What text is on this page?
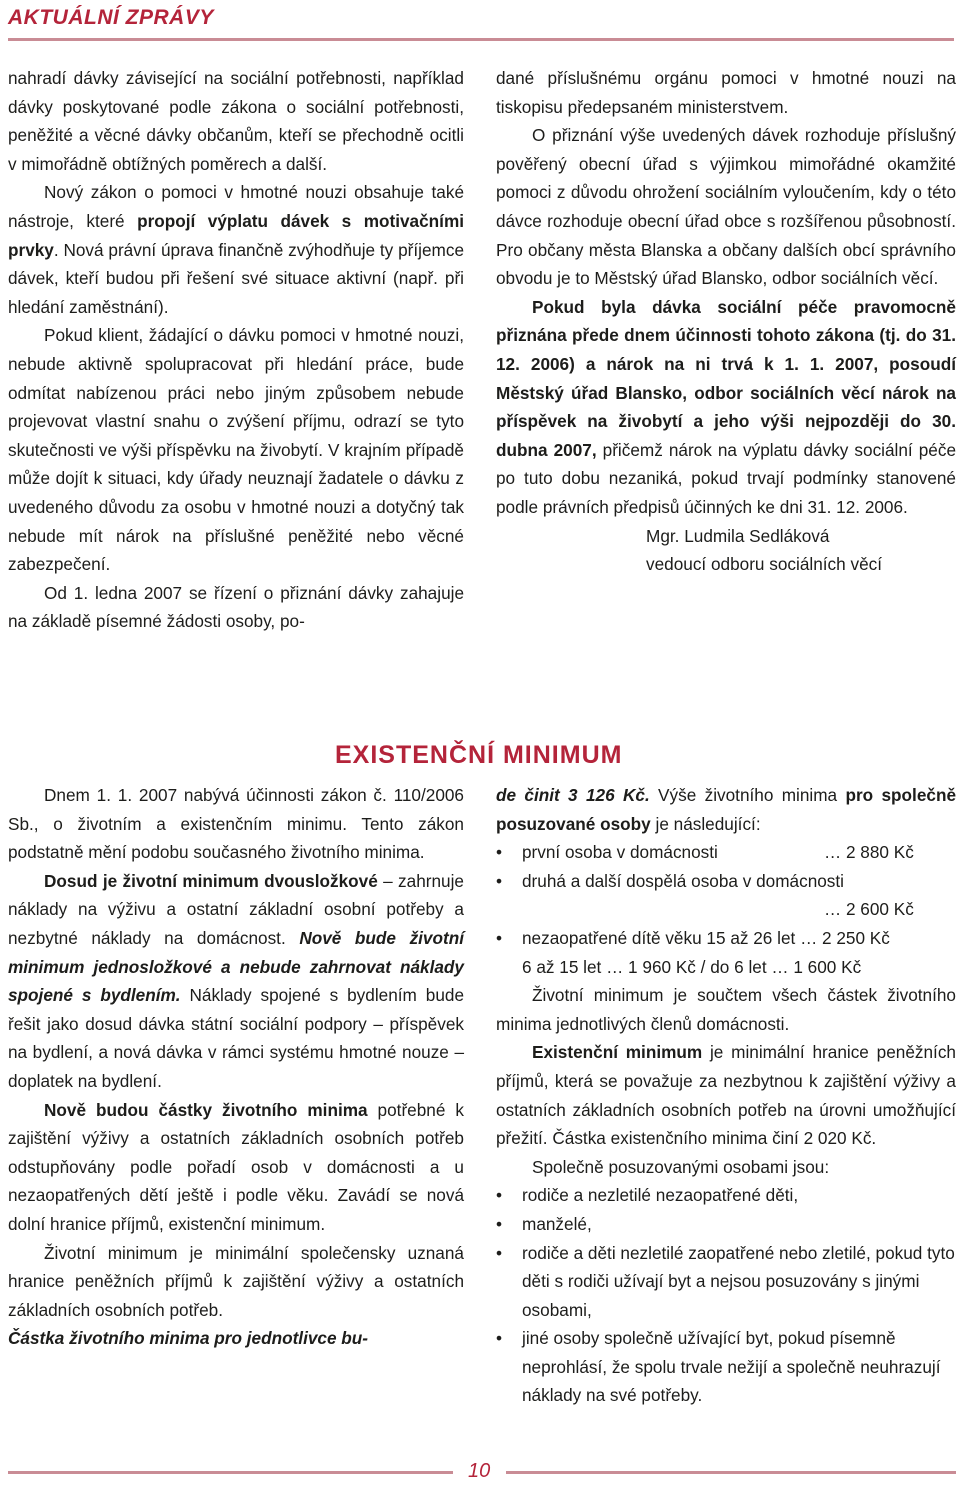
AKTUÁLNÍ ZPRÁVY

nahradí dávky závisející na sociální potřebnosti, například dávky poskytované podle zákona o sociální potřebnosti, peněžité a věcné dávky občanům, kteří se přechodně ocitli v mimořádně obtížných poměrech a další.

Nový zákon o pomoci v hmotné nouzi obsahuje také nástroje, které propojí výplatu dávek s motivačními prvky. Nová právní úprava finančně zvýhodňuje ty příjemce dávek, kteří budou při řešení své situace aktivní (např. při hledání zaměstnání).

Pokud klient, žádající o dávku pomoci v hmotné nouzi, nebude aktivně spolupracovat při hledání práce, bude odmítat nabízenou práci nebo jiným způsobem nebude projevovat vlastní snahu o zvýšení příjmu, odrazí se tyto skutečnosti ve výši příspěvku na živobytí. V krajním případě může dojít k situaci, kdy úřady neuznají žadatele o dávku z uvedeného důvodu za osobu v hmotné nouzi a dotyčný tak nebude mít nárok na příslušné peněžité nebo věcné zabezpečení.

Od 1. ledna 2007 se řízení o přiznání dávky zahajuje na základě písemné žádosti osoby, po-

dané příslušnému orgánu pomoci v hmotné nouzi na tiskopisu předepsaném ministerstvem.

O přiznání výše uvedených dávek rozhoduje příslušný pověřený obecní úřad s výjimkou mimořádné okamžité pomoci z důvodu ohrožení sociálním vyloučením, kdy o této dávce rozhoduje obecní úřad obce s rozšířenou působností. Pro občany města Blanska a občany dalších obcí správního obvodu je to Městský úřad Blansko, odbor sociálních věcí.

Pokud byla dávka sociální péče pravomocně přiznána přede dnem účinnosti tohoto zákona (tj. do 31. 12. 2006) a nárok na ni trvá k 1. 1. 2007, posoudí Městský úřad Blansko, odbor sociálních věcí nárok na příspěvek na živobytí a jeho výši nejpozději do 30. dubna 2007, přičemž nárok na výplatu dávky sociální péče po tuto dobu nezaniká, pokud trvají podmínky stanovené podle právních předpisů účinných ke dni 31. 12. 2006.

Mgr. Ludmila Sedláková

vedoucí odboru sociálních věcí

EXISTENČNÍ MINIMUM

Dnem 1. 1. 2007 nabývá účinnosti zákon č. 110/2006 Sb., o životním a existenčním minimu. Tento zákon podstatně mění podobu současného životního minima.

Dosud je životní minimum dvousložkové – zahrnuje náklady na výživu a ostatní základní osobní potřeby a nezbytné náklady na domácnost. Nově bude životní minimum jednosložkové a nebude zahrnovat náklady spojené s bydlením. Náklady spojené s bydlením bude řešit jako dosud dávka státní sociální podpory – příspěvek na bydlení, a nová dávka v rámci systému hmotné nouze – doplatek na bydlení.

Nově budou částky životního minima potřebné k zajištění výživy a ostatních základních osobních potřeb odstupňovány podle pořadí osob v domácnosti a u nezaopatřených dětí ještě i podle věku. Zavádí se nová dolní hranice příjmů, existenční minimum.

Životní minimum je minimální společensky uznaná hranice peněžních příjmů k zajištění výživy a ostatních základních osobních potřeb.

Částka životního minima pro jednotlivce bu-

de činit 3 126 Kč. Výše životního minima pro společně posuzované osoby je následující:

• první osoba v domácnosti	… 2 880 Kč
• druhá a další dospělá osoba v domácnosti
… 2 600 Kč
• nezaopatřené dítě věku 15 až 26 let … 2 250 Kč
6 až 15 let … 1 960 Kč / do 6 let … 1 600 Kč

Životní minimum je součtem všech částek životního minima jednotlivých členů domácnosti.

Existenční minimum je minimální hranice peněžních příjmů, která se považuje za nezbytnou k zajištění výživy a ostatních základních osobních potřeb na úrovni umožňující přežití. Částka existenčního minima činí 2 020 Kč.

Společně posuzovanými osobami jsou:

• rodiče a nezletilé nezaopatřené děti,
• manželé,
• rodiče a děti nezletilé zaopatřené nebo zletilé, pokud tyto děti s rodiči užívají byt a nejsou posuzovány s jinými osobami,
• jiné osoby společně užívající byt, pokud písemně neprohlásí, že spolu trvale nežijí a společně neuhrazují náklady na své potřeby.
10
